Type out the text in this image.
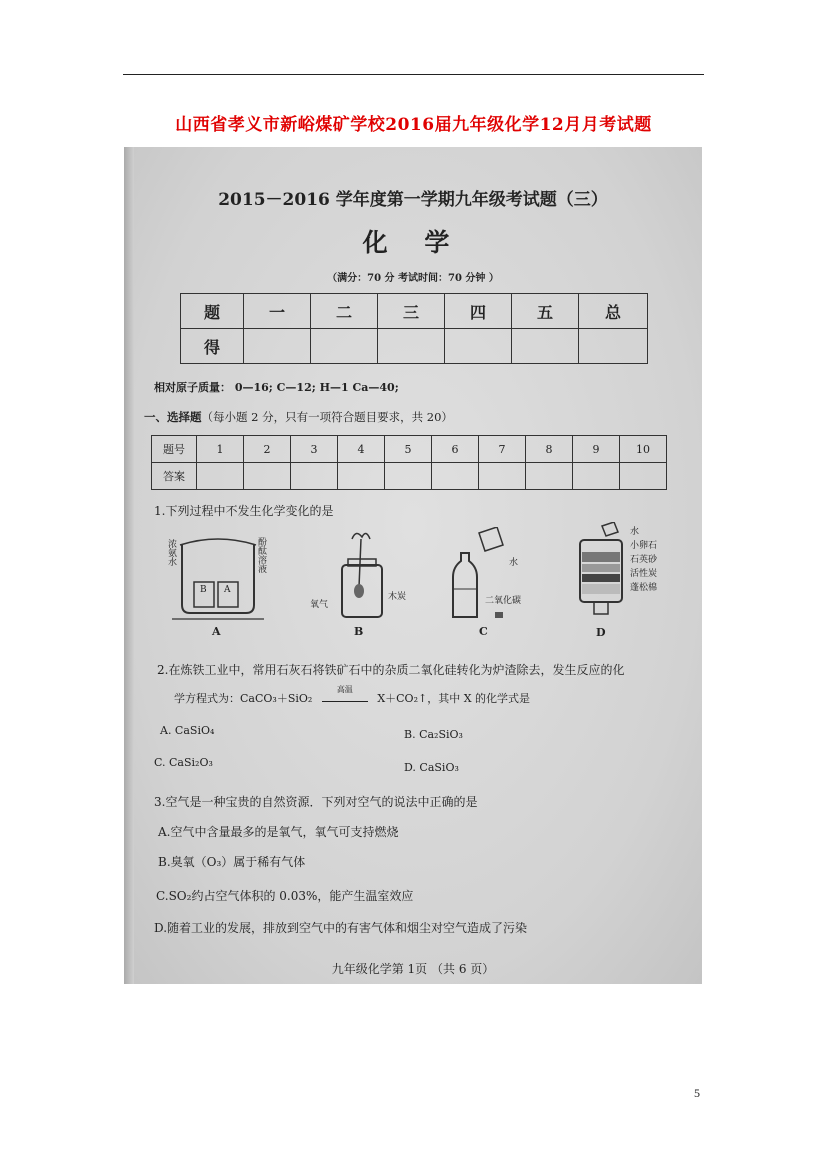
山西省孝义市新峪煤矿学校2016届九年级化学12月月考试题
2015－2016 学年度第一学期九年级考试题（三）
化 学
（满分：70 分 考试时间：70 分钟 ）
题	一	二	三	四	五	总
得						
相对原子质量： 0—16; C—12; H—1 Ca—40;
一、选择题（每小题 2 分，只有一项符合题目要求，共 20）
题号	1	2	3	4	5	6	7	8	9	10
答案										
1.下列过程中不发生化学变化的是
浓
氨
水
酚
酞
溶
液
B A
A
氧气
木炭
B
水
二氧化碳
C
水
小卵石
石英砂
活性炭
蓬松棉
D
2.在炼铁工业中，常用石灰石将铁矿石中的杂质二氧化硅转化为炉渣除去，发生反应的化
学方程式为：CaCO₃＋SiO₂
高温
X＋CO₂↑，其中 X 的化学式是
A. CaSiO₄	B. Ca₂SiO₃
C. CaSi₂O₃	D. CaSiO₃
3.空气是一种宝贵的自然资源．下列对空气的说法中正确的是
A.空气中含量最多的是氧气，氧气可支持燃烧
B.臭氧（O₃）属于稀有气体
C.SO₂约占空气体积的 0.03%，能产生温室效应
D.随着工业的发展，排放到空气中的有害气体和烟尘对空气造成了污染
九年级化学第 1页 （共 6 页）
5
